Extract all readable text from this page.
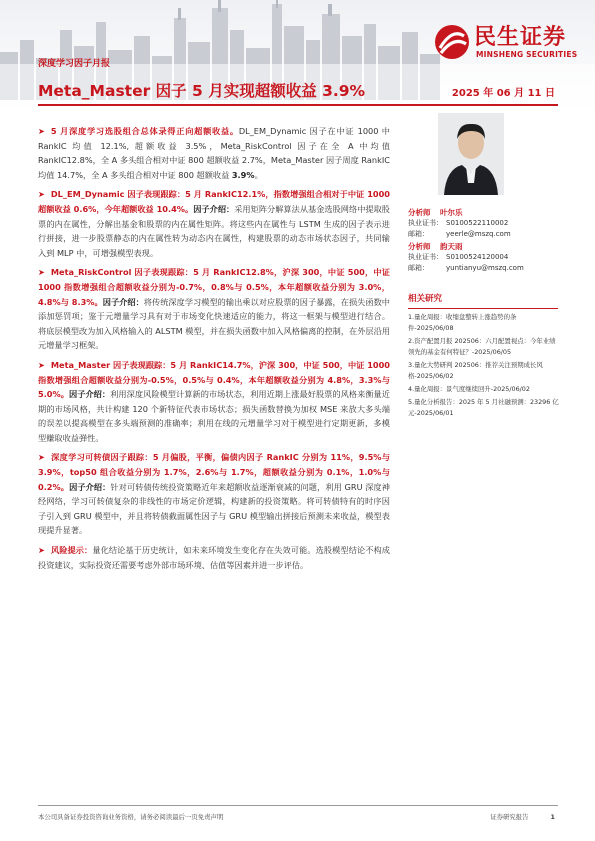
民生证券
MINSHENG SECURITIES
深度学习因子月报
Meta_Master 因子 5 月实现超额收益 3.9%	2025 年 06 月 11 日

➤ 5 月深度学习选股组合总体录得正向超额收益。DL_EM_Dynamic 因子在中证 1000 中 RankIC 均值 12.1%, 超额收益 3.5%，Meta_RiskControl 因子在全 A 中均值 RankIC12.8%，全 A 多头组合相对中证 800 超额收益 2.7%，Meta_Master 因子周度 RankIC 均值 14.7%，全 A 多头组合相对中证 800 超额收益 3.9%。

➤ DL_EM_Dynamic 因子表现跟踪：5 月 RankIC12.1%，指数增强组合相对于中证 1000 超额收益 0.6%，今年超额收益 10.4%。因子介绍：采用矩阵分解算法从基金选股网络中提取股票的内在属性，分解出基金和股票的内在属性矩阵。将这些内在属性与 LSTM 生成的因子表示进行拼接，进一步股票静态的内在属性转为动态内在属性，构建股票的动态市场状态因子，共同输入到 MLP 中，可增强模型表现。

➤ Meta_RiskControl 因子表现跟踪：5 月 RankIC12.8%，沪深 300，中证 500，中证 1000 指数增强组合超额收益分别为-0.7%，0.8%与 0.5%，本年超额收益分别为 3.0%，4.8%与 8.3%。因子介绍：将传统深度学习模型的输出乘以对应股票的因子暴露，在损失函数中添加惩罚项；鉴于元增量学习具有对于市场变化快速适应的能力，将这一框架与模型进行结合。将底层模型改为加入风格输入的 ALSTM 模型，并在损失函数中加入风格偏离的控制，在外层沿用元增量学习框架。

➤ Meta_Master 因子表现跟踪：5 月 RankIC14.7%，沪深 300，中证 500，中证 1000 指数增强组合超额收益分别为-0.5%，0.5%与 0.4%，本年超额收益分别为 4.8%，3.3%与 5.0%。因子介绍：利用深度风险模型计算新的市场状态，利用近期上涨最好股票的风格来衡量近期的市场风格，共计构建 120 个新特征代表市场状态；损失函数替换为加权 MSE 来放大多头端的误差以提高模型在多头端预测的准确率；利用在线的元增量学习对于模型进行定期更新，多模型赚取收益弹性。

➤ 深度学习可转债因子跟踪：5 月偏股，平衡，偏债内因子 RankIC 分别为 11%，9.5%与 3.9%，top50 组合收益分别为 1.7%，2.6%与 1.7%，超额收益分别为 0.1%，1.0%与 0.2%。因子介绍：针对可转债传统投资策略近年来超额收益逐渐衰减的问题，利用 GRU 深度神经网络，学习可转债复杂的非线性的市场定价逻辑，构建新的投资策略。将可转债特有的时序因子引入到 GRU 模型中，并且将转债截面属性因子与 GRU 模型输出拼接后预测未来收益，模型表现提升显著。

➤ 风险提示：量化结论基于历史统计，如未来环境发生变化存在失效可能。选股模型结论不构成投资建议，实际投资还需要考虑外部市场环境、估值等因素并进一步评估。

分析师 叶尔乐
执业证书： S0100522110002
邮箱： yeerle@mszq.com
分析师 韵天雨
执业证书： S0100524120004
邮箱： yuntianyu@mszq.com
相关研究

1.量化周报：收缩盘整转上涨趋势的条件-2025/06/08

2.资产配置月报 202506：六月配置视点：今年业绩领先的基金有何特征？-2025/06/05

3.量化大势研判 202506：推荐关注预期成长风格-2025/06/02

4.量化周报：景气度继续回升-2025/06/02

5.量化分析报告：2025 年 5 月社融预测：23296 亿元-2025/06/01

本公司具备证券投资咨询业务资格，请务必阅读最后一页免责声明	证券研究报告	1
